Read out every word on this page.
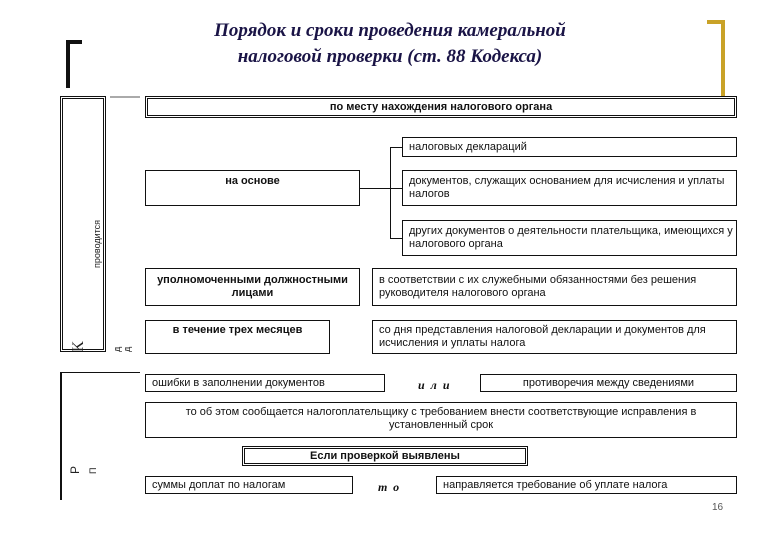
Порядок и сроки проведения камеральной
налоговой проверки (ст. 88 Кодекса)
К
проводится
д д
Р П
по месту нахождения налогового органа
налоговых деклараций
документов, служащих основанием для исчисления и уплаты налогов
других документов о деятельности плательщика, имеющихся у налогового органа
на основе
уполномоченными должностными лицами
в соответствии с их служебными обязанностями без решения руководителя налогового органа
в течение трех месяцев	со дня представления налоговой декларации и документов для исчисления и уплаты налога
ошибки в заполнении документов	или	противоречия между сведениями
то об этом сообщается налогоплательщику с требованием внести соответствующие исправления в установленный срок
Если проверкой выявлены
суммы доплат по налогам	то	направляется требование об уплате налога
16
